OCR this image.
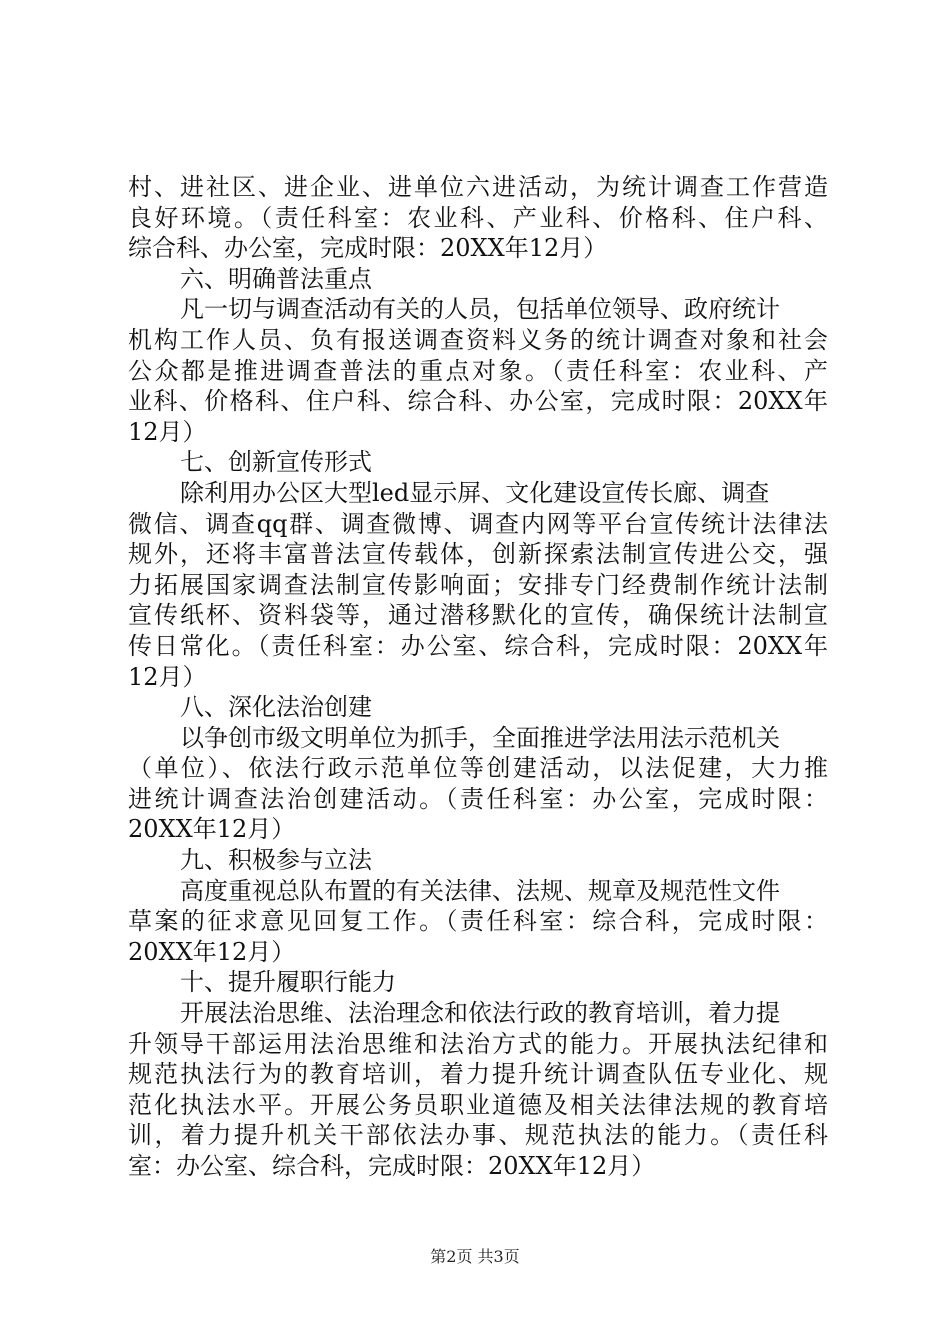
村、进社区、进企业、进单位六进活动，为统计调查工作营造
良好环境。（责任科室：农业科、产业科、价格科、住户科、
综合科、办公室，完成时限：20XX年12月）
六、明确普法重点
凡一切与调查活动有关的人员，包括单位领导、政府统计
机构工作人员、负有报送调查资料义务的统计调查对象和社会
公众都是推进调查普法的重点对象。（责任科室：农业科、产
业科、价格科、住户科、综合科、办公室，完成时限：20XX年
12月）
七、创新宣传形式
除利用办公区大型led显示屏、文化建设宣传长廊、调查
微信、调查qq群、调查微博、调查内网等平台宣传统计法律法
规外，还将丰富普法宣传载体，创新探索法制宣传进公交，强
力拓展国家调查法制宣传影响面；安排专门经费制作统计法制
宣传纸杯、资料袋等，通过潜移默化的宣传，确保统计法制宣
传日常化。（责任科室：办公室、综合科，完成时限：20XX年
12月）
八、深化法治创建
以争创市级文明单位为抓手，全面推进学法用法示范机关
（单位）、依法行政示范单位等创建活动，以法促建，大力推
进统计调查法治创建活动。（责任科室：办公室，完成时限：
20XX年12月）
九、积极参与立法
高度重视总队布置的有关法律、法规、规章及规范性文件
草案的征求意见回复工作。（责任科室：综合科，完成时限：
20XX年12月）
十、提升履职行能力
开展法治思维、法治理念和依法行政的教育培训，着力提
升领导干部运用法治思维和法治方式的能力。开展执法纪律和
规范执法行为的教育培训，着力提升统计调查队伍专业化、规
范化执法水平。开展公务员职业道德及相关法律法规的教育培
训，着力提升机关干部依法办事、规范执法的能力。（责任科
室：办公室、综合科，完成时限：20XX年12月）
第2页 共3页
